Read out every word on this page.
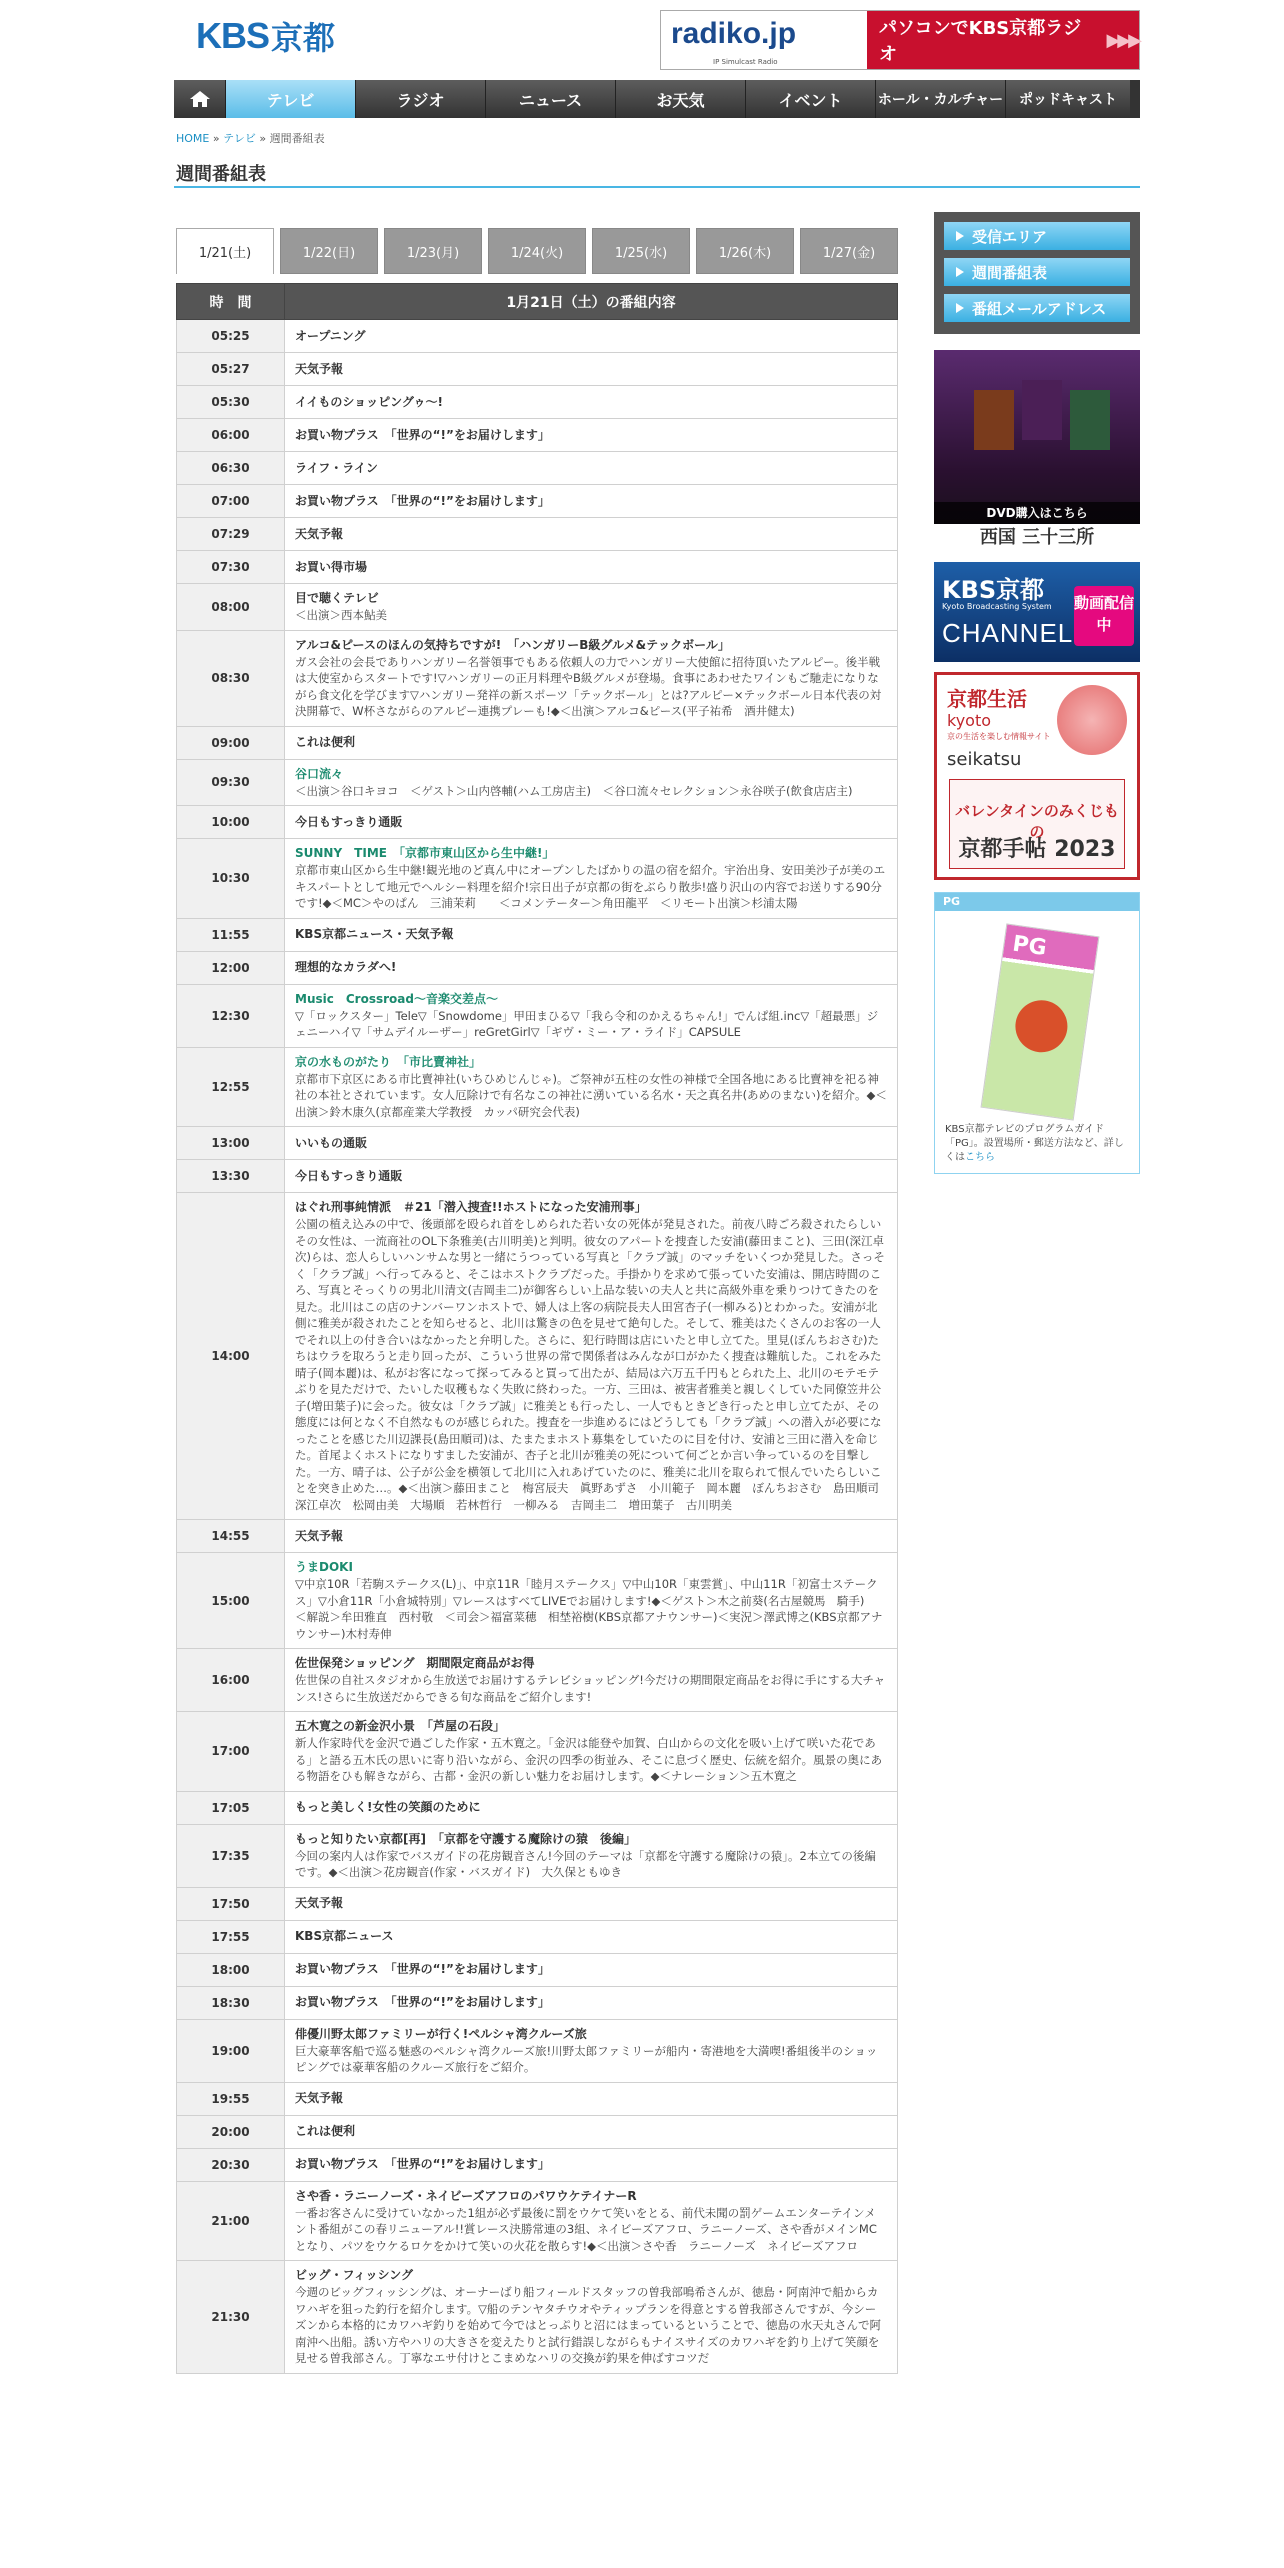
KBS 京都	radiko.jp
IP Simulcast Radio
パソコンでKBS京都ラジオ
▶▶▶
テレビ	ラジオ	ニュース	お天気	イベント	ホール・カルチャー	ポッドキャスト
HOME » テレビ » 週間番組表
週間番組表
1/21(土)	1/22(日)	1/23(月)	1/24(火)	1/25(水)	1/26(木)	1/27(金)
時　間	1月21日（土）の番組内容
05:25	オープニング

05:27	天気予報

05:30	イイものショッピングゥ～!

06:00	お買い物プラス　「世界の“!”をお届けします」

06:30	ライフ・ライン

07:00	お買い物プラス　「世界の“!”をお届けします」

07:29	天気予報

07:30	お買い得市場

08:00	目で聴くテレビ
＜出演＞西本鮎美

08:30	アルコ&ピースのほんの気持ちですが!　「ハンガリーB級グルメ&テックボール」
ガス会社の会長でありハンガリー名誉領事でもある依頼人の力でハンガリー大使館に招待頂いたアルピー。後半戦は大使室からスタートです!▽ハンガリーの正月料理やB級グルメが登場。食事にあわせたワインもご馳走になりながら食文化を学びます▽ハンガリー発祥の新スポーツ「テックボール」とは?アルピー×テックボール日本代表の対決開幕で、W杯さながらのアルピー連携プレーも!◆＜出演＞アルコ&ピース(平子祐希　酒井健太)

09:00	これは便利

09:30	谷口流々
＜出演＞谷口キヨコ　＜ゲスト＞山内啓輔(ハム工房店主)　＜谷口流々セレクション＞永谷咲子(飲食店店主)

10:00	今日もすっきり通販

10:30	SUNNY　TIME　「京都市東山区から生中継!」
京都市東山区から生中継!観光地のど真ん中にオープンしたばかりの温の宿を紹介。宇治出身、安田美沙子が美のエキスパートとして地元でヘルシー料理を紹介!宗日出子が京都の街をぶらり散歩!盛り沢山の内容でお送りする90分です!◆＜MC＞やのぱん　三浦茉莉　　＜コメンテーター＞角田龍平　＜リモート出演＞杉浦太陽

11:55	KBS京都ニュース・天気予報

12:00	理想的なカラダへ!

12:30	Music　Crossroad～音楽交差点～
▽「ロックスター」Tele▽「Snowdome」甲田まひる▽「我ら令和のかえるちゃん!」でんぱ組.inc▽「超最悪」ジェニーハイ▽「サムデイルーザー」reGretGirl▽「ギヴ・ミー・ア・ライド」CAPSULE

12:55	京の水ものがたり　「市比賣神社」
京都市下京区にある市比賣神社(いちひめじんじゃ)。ご祭神が五柱の女性の神様で全国各地にある比賣神を祀る神社の本社とされています。女人厄除けで有名なこの神社に湧いている名水・天之真名井(あめのまない)を紹介。◆＜出演＞鈴木康久(京都産業大学教授　カッパ研究会代表)

13:00	いいもの通販

13:30	今日もすっきり通販

14:00	はぐれ刑事純情派　＃21「潜入捜査!!ホストになった安浦刑事」
公園の植え込みの中で、後頭部を殴られ首をしめられた若い女の死体が発見された。前夜八時ごろ殺されたらしいその女性は、一流商社のOL下条雅美(古川明美)と判明。彼女のアパートを捜査した安浦(藤田まこと)、三田(深江卓次)らは、恋人らしいハンサムな男と一緒にうつっている写真と「クラブ誠」のマッチをいくつか発見した。さっそく「クラブ誠」へ行ってみると、そこはホストクラブだった。手掛かりを求めて張っていた安浦は、開店時間のころ、写真とそっくりの男北川清文(吉岡圭二)が御客らしい上品な装いの夫人と共に高級外車を乗りつけてきたのを見た。北川はこの店のナンバーワンホストで、婦人は上客の病院長夫人田宮杏子(一柳みる)とわかった。安浦が北側に雅美が殺されたことを知らせると、北川は驚きの色を見せて絶句した。そして、雅美はたくさんのお客の一人でそれ以上の付き合いはなかったと弁明した。さらに、犯行時間は店にいたと申し立てた。里見(ぼんちおさむ)たちはウラを取ろうと走り回ったが、こういう世界の常で関係者はみんなが口がかたく捜査は難航した。これをみた晴子(岡本麗)は、私がお客になって探ってみると買って出たが、結局は六万五千円もとられた上、北川のモテモテぶりを見ただけで、たいした収穫もなく失敗に終わった。一方、三田は、被害者雅美と親しくしていた同僚笠井公子(増田葉子)に会った。彼女は「クラブ誠」に雅美とも行ったし、一人でもときどき行ったと申し立てたが、その態度には何となく不自然なものが感じられた。捜査を一歩進めるにはどうしても「クラブ誠」への潜入が必要になったことを感じた川辺課長(島田順司)は、たまたまホスト募集をしていたのに目を付け、安浦と三田に潜入を命じた。首尾よくホストになりすました安浦が、杏子と北川が雅美の死について何ごとか言い争っているのを目撃した。一方、晴子は、公子が公金を横領して北川に入れあげていたのに、雅美に北川を取られて恨んでいたらしいことを突き止めた…。◆＜出演＞藤田まこと　梅宮辰夫　眞野あずさ　小川範子　岡本麗　ぼんちおさむ　島田順司　深江卓次　松岡由美　大場順　若林哲行　一柳みる　吉岡圭二　増田葉子　古川明美

14:55	天気予報

15:00	うまDOKI
▽中京10R「若駒ステークス(L)」、中京11R「睦月ステークス」▽中山10R「東雲賞」、中山11R「初富士ステークス」▽小倉11R「小倉城特別」▽レースはすべてLIVEでお届けします!◆＜ゲスト＞木之前葵(名古屋競馬　騎手)　＜解説＞牟田雅直　西村敬　＜司会＞福富菜穂　相埜裕樹(KBS京都アナウンサー)＜実況＞澤武博之(KBS京都アナウンサー)木村寿伸

16:00	佐世保発ショッピング　期間限定商品がお得
佐世保の自社スタジオから生放送でお届けするテレビショッピング!今だけの期間限定商品をお得に手にする大チャンス!さらに生放送だからできる旬な商品をご紹介します!

17:00	五木寛之の新金沢小景　「芦屋の石段」
新人作家時代を金沢で過ごした作家・五木寛之。「金沢は能登や加賀、白山からの文化を吸い上げて咲いた花である」と語る五木氏の思いに寄り沿いながら、金沢の四季の街並み、そこに息づく歴史、伝統を紹介。風景の奥にある物語をひも解きながら、古都・金沢の新しい魅力をお届けします。◆＜ナレーション＞五木寛之

17:05	もっと美しく!女性の笑顔のために

17:35	もっと知りたい京都[再]　「京都を守護する魔除けの猿　後編」
今回の案内人は作家でバスガイドの花房観音さん!今回のテーマは「京都を守護する魔除けの猿」。2本立ての後編です。◆＜出演＞花房観音(作家・バスガイド)　大久保ともゆき

17:50	天気予報

17:55	KBS京都ニュース

18:00	お買い物プラス　「世界の“!”をお届けします」

18:30	お買い物プラス　「世界の“!”をお届けします」

19:00	俳優川野太郎ファミリーが行く!ペルシャ湾クルーズ旅
巨大豪華客船で巡る魅惑のペルシャ湾クルーズ旅!川野太郎ファミリーが船内・寄港地を大満喫!番組後半のショッピングでは豪華客船のクルーズ旅行をご紹介。

19:55	天気予報

20:00	これは便利

20:30	お買い物プラス　「世界の“!”をお届けします」

21:00	さや香・ラニーノーズ・ネイビーズアフロのパワウケテイナーR
一番お客さんに受けていなかった1組が必ず最後に罰をウケて笑いをとる、前代未聞の罰ゲームエンターテインメント番組がこの春リニューアル!!賞レース決勝常連の3組、ネイビーズアフロ、ラニーノーズ、さや香がメインMCとなり、パツをウケるロケをかけて笑いの火花を散らす!◆＜出演＞さや香　ラニーノーズ　ネイビーズアフロ

21:30	ビッグ・フィッシング
今週のビッグフィッシングは、オーナーばり船フィールドスタッフの曽我部鳴希さんが、徳島・阿南沖で船からカワハギを狙った釣行を紹介します。▽船のテンヤタチウオやティップランを得意とする曽我部さんですが、今シーズンから本格的にカワハギ釣りを始めて今ではとっぷりと沼にはまっているということで、徳島の水天丸さんで阿南沖へ出船。誘い方やハリの大きさを変えたりと試行錯誤しながらもナイスサイズのカワハギを釣り上げて笑顔を見せる曽我部さん。丁寧なエサ付けとこまめなハリの交換が釣果を伸ばすコツだ
受信エリア
週間番組表
番組メールアドレス
DVD購入はこちら
西国 三十三所
KBS京都
Kyoto Broadcasting System
CHANNEL
動画配信中
京都生活
kyoto
京の生活を楽しむ情報サイト
seikatsu
バレンタインのみくじもの
京都手帖 2023
PG
PG
KBS京都テレビのプログラムガイド「PG」。設置場所・郵送方法など、詳しくはこちら
